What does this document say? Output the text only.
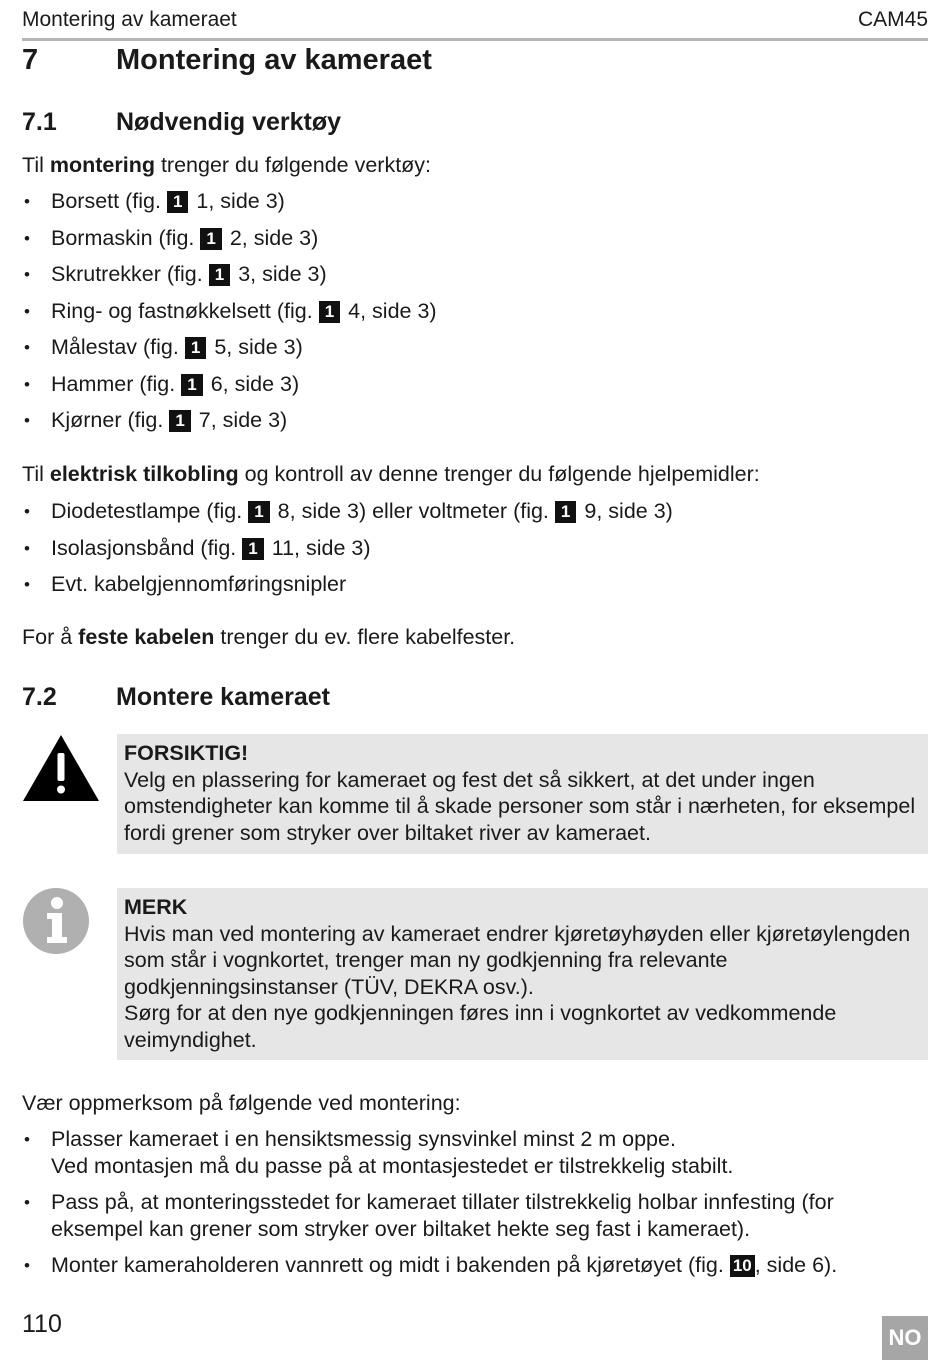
Montering av kameraet	CAM45
7	Montering av kameraet
7.1 Nødvendig verktøy
Til montering trenger du følgende verktøy:
• Borsett (fig. 1 1, side 3)
• Bormaskin (fig. 1 2, side 3)
• Skrutrekker (fig. 1 3, side 3)
• Ring- og fastnøkkelsett (fig. 1 4, side 3)
• Målestav (fig. 1 5, side 3)
• Hammer (fig. 1 6, side 3)
• Kjørner (fig. 1 7, side 3)
Til elektrisk tilkobling og kontroll av denne trenger du følgende hjelpemidler:
• Diodetestlampe (fig. 1 8, side 3) eller voltmeter (fig. 1 9, side 3)
• Isolasjonsbånd (fig. 1 11, side 3)
• Evt. kabelgjennomføringsnipler
For å feste kabelen trenger du ev. flere kabelfester.
7.2 Montere kameraet
FORSIKTIG!
Velg en plassering for kameraet og fest det så sikkert, at det under ingen omstendigheter kan komme til å skade personer som står i nærheten, for eksempel fordi grener som stryker over biltaket river av kameraet.
MERK
Hvis man ved montering av kameraet endrer kjøretøyhøyden eller kjøretøylengden som står i vognkortet, trenger man ny godkjenning fra relevante godkjenningsinstanser (TÜV, DEKRA osv.).
Sørg for at den nye godkjenningen føres inn i vognkortet av vedkommende veimyndighet.
Vær oppmerksom på følgende ved montering:
• Plasser kameraet i en hensiktsmessig synsvinkel minst 2 m oppe.
Ved montasjen må du passe på at montasjestedet er tilstrekkelig stabilt.
• Pass på, at monteringsstedet for kameraet tillater tilstrekkelig holbar innfesting (for eksempel kan grener som stryker over biltaket hekte seg fast i kameraet).
• Monter kameraholderen vannrett og midt i bakenden på kjøretøyet (fig. 10 , side 6).
110	NO
